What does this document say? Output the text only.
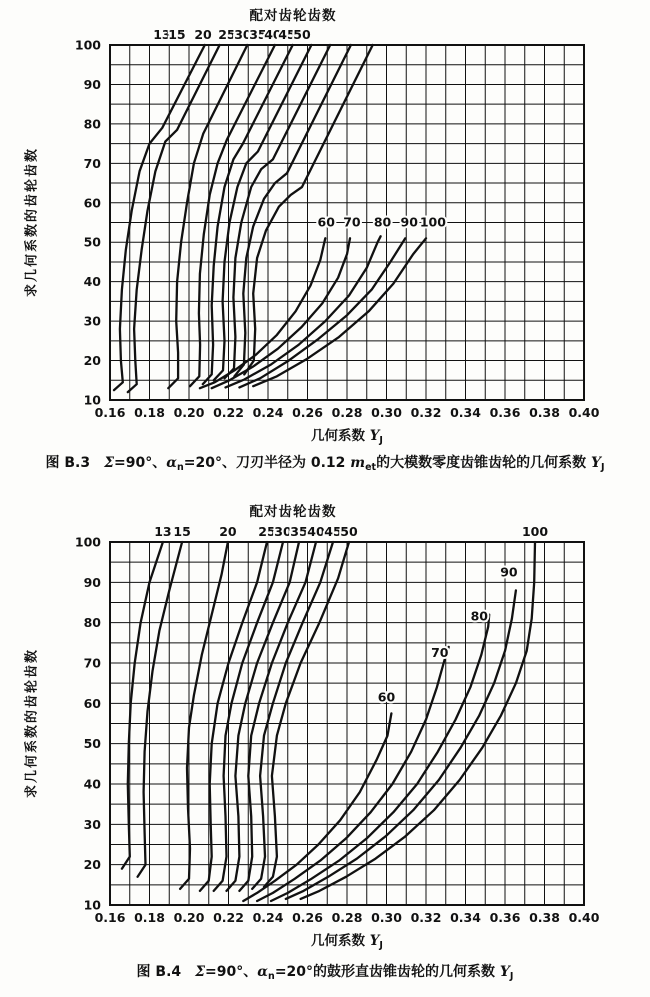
配对齿轮齿数
求几何系数的齿轮齿数
0.16 0.18 0.20 0.22 0.24 0.26 0.28 0.30 0.32 0.34 0.36 0.38 0.40
10
20
30
40
50
60
70
80
90
100
13
15 20 25
30
35
40
45
50
60 70 80 90 100
几何系数 $Y_J$
图 B.3　Σ=90°、$\alpha_n=20^\circ$、刀刃半径为 0.12 $m_{et}$的大模数零度齿锥齿轮的几何系数 $Y_J$
配对齿轮齿数
求几何系数的齿轮齿数
0.16 0.18 0.20 0.22 0.24 0.26 0.28 0.30 0.32 0.34 0.36 0.38 0.40
10
20
30
40
50
60
70
80
90
100
13 15 20 25
30
35 40 45
50
60
70
80
90
100
几何系数 $Y_J$
图 B.4　Σ=90°、$\alpha_n=20^\circ$的鼓形直齿锥齿轮的几何系数 $Y_J$
